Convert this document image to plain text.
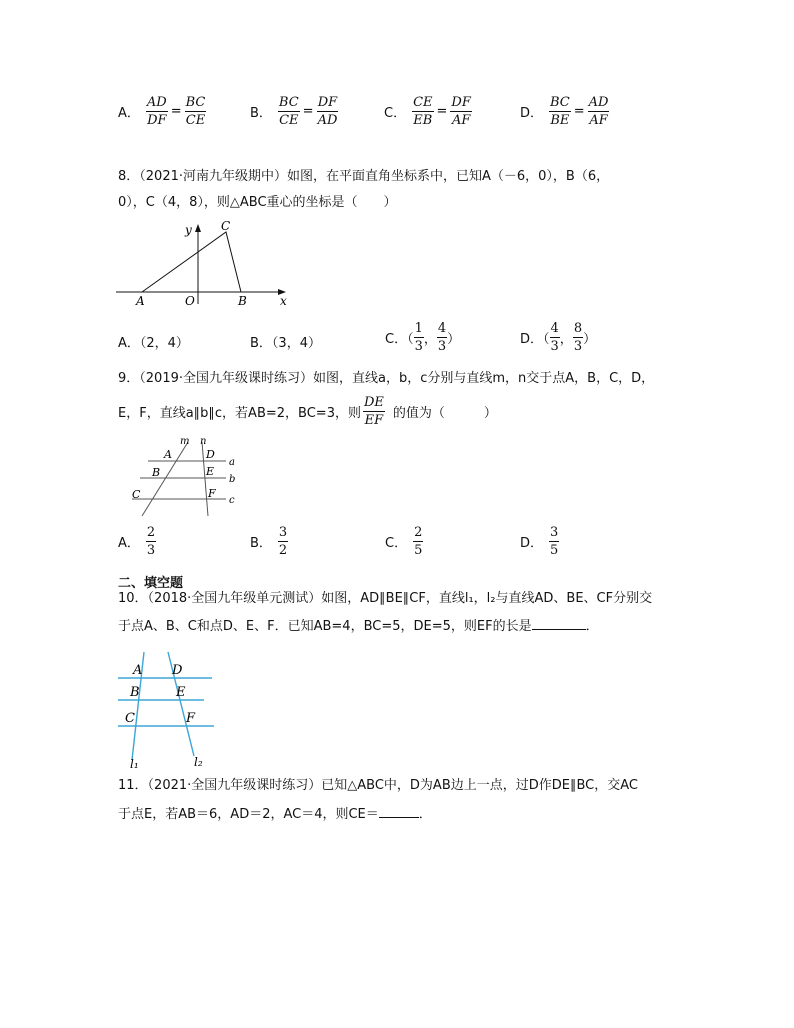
A． $\frac{AD}{DF} = \frac{BC}{CE}$	B． $\frac{BC}{CE} = \frac{DF}{AD}$	C． $\frac{CE}{EB} = \frac{DF}{AF}$	D． $\frac{BC}{BE} = \frac{AD}{AF}$
8．（2021·河南九年级期中）如图，在平面直角坐标系中，已知A（－6，0），B（6，
0），C（4，8），则△ABC重心的坐标是（　　）
y C
A	O	B	x
A．（2，4）	B．（3，4）	C．（ $\frac{1}{3}$ ， $\frac{4}{3}$ ）	D．（ $\frac{4}{3}$ ， $\frac{8}{3}$ ）
9．（2019·全国九年级课时练习）如图，直线a，b，c分别与直线m，n交于点A，B，C，D，
E，F，直线a∥b∥c，若AB=2，BC=3，则 $\frac{DE}{EF}$ 的值为（　　　）
m n
A	D
a
B	E
b
C	F
c
A． $\frac{2}{3}$	B． $\frac{3}{2}$	C． $\frac{2}{5}$	D． $\frac{3}{5}$
二、填空题
10．（2018·全国九年级单元测试）如图，AD∥BE∥CF，直线l₁，l₂与直线AD、BE、CF分别交
于点A、B、C和点D、E、F．已知AB=4，BC=5，DE=5，则EF的长是	．
A D
B	E
C	F
l₁	l₂
11．（2021·全国九年级课时练习）已知△ABC中，D为AB边上一点，过D作DE∥BC，交AC
于点E，若AB＝6，AD＝2，AC＝4，则CE＝	．
